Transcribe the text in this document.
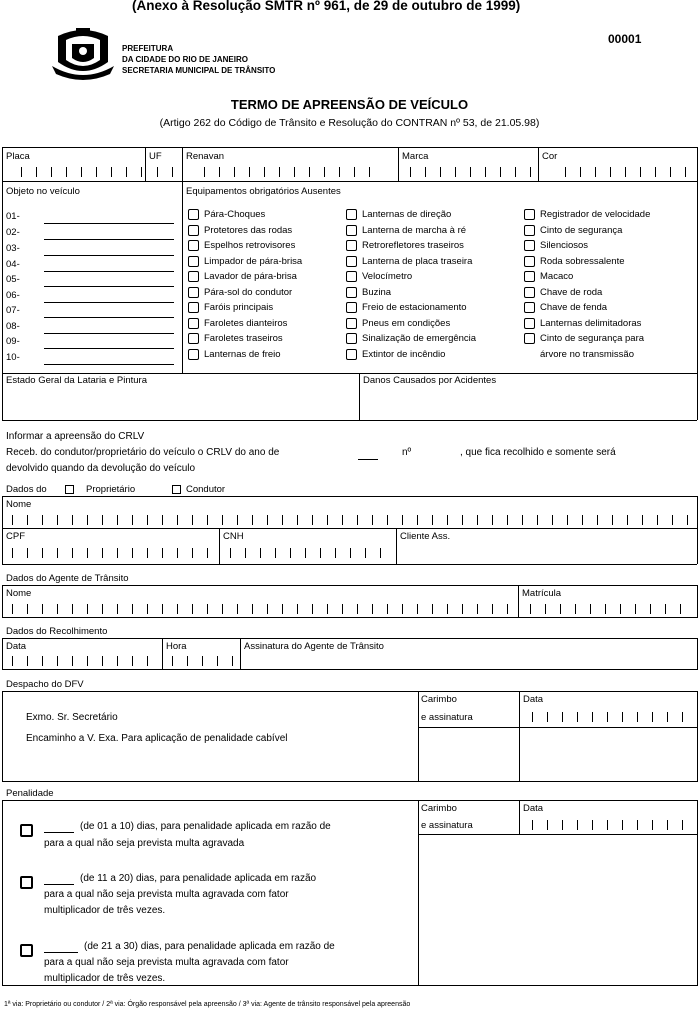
(Anexo à Resolução SMTR nº 961, de 29 de outubro de 1999)
00001
PREFEITURA
DA CIDADE DO RIO DE JANEIRO
SECRETARIA MUNICIPAL DE TRÂNSITO
TERMO DE APREENSÃO DE VEÍCULO
(Artigo 262 do Código de Trânsito e Resolução do CONTRAN nº 53, de 21.05.98)
Placa	UF	Renavan	Marca	Cor
Objeto no veículo
01-
02-
03-
04-
05-
06-
07-
08-
09-
10-
Equipamentos obrigatórios Ausentes
Pára-Choques
Protetores das rodas
Espelhos retrovisores
Limpador de pára-brisa
Lavador de pára-brisa
Pára-sol do condutor
Faróis principais
Faroletes dianteiros
Faroletes traseiros
Lanternas de freio
Lanternas de direção
Lanterna de marcha à ré
Retrorefletores traseiros
Lanterna de placa traseira
Velocímetro
Buzina
Freio de estacionamento
Pneus em condições
Sinalização de emergência
Extintor de incêndio
Registrador de velocidade
Cinto de segurança
Silenciosos
Roda sobressalente
Macaco
Chave de roda
Chave de fenda
Lanternas delimitadoras
Cinto de segurança para
árvore no transmissão
Estado Geral da Lataria e Pintura	Danos Causados por Acidentes
Informar a apreensão do CRLV
Receb. do condutor/proprietário do veículo o CRLV do ano de	nº	, que fica recolhido e somente será
devolvido quando da devolução do veículo
Dados do	Proprietário	Condutor
Nome
CPF	CNH	Cliente Ass.
Dados do Agente de Trânsito
Nome	Matrícula
Dados do Recolhimento
Data	Hora	Assinatura do Agente de Trânsito
Despacho do DFV
Exmo. Sr. Secretário
Encaminho a V. Exa. Para aplicação de penalidade cabível
Carimbo
e assinatura
Data
Penalidade
Carimbo
e assinatura
Data
(de 01 a 10) dias, para penalidade aplicada em razão de
para a qual não seja prevista multa agravada
(de 11 a 20) dias, para penalidade aplicada em razão
para a qual não seja prevista multa agravada com fator
multiplicador de três vezes.
(de 21 a 30) dias, para penalidade aplicada em razão de
para a qual não seja prevista multa agravada com fator
multiplicador de três vezes.
1ª via: Proprietário ou condutor / 2ª via: Órgão responsável pela apreensão / 3ª via: Agente de trânsito responsável pela apreensão
